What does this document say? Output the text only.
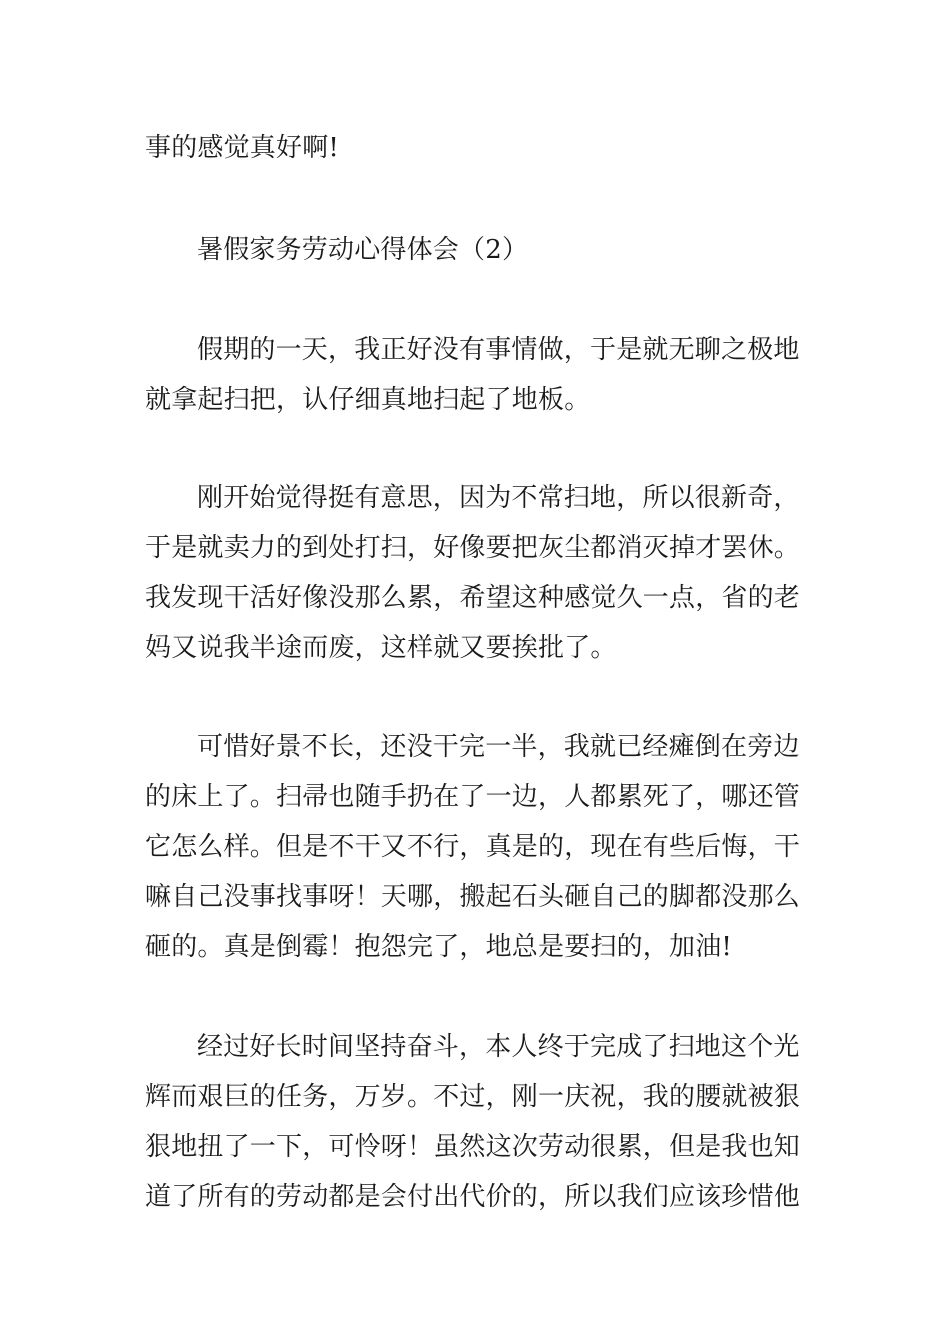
事的感觉真好啊!
暑假家务劳动心得体会（2）
假期的一天，我正好没有事情做，于是就无聊之极地
就拿起扫把，认仔细真地扫起了地板。
刚开始觉得挺有意思，因为不常扫地，所以很新奇，
于是就卖力的到处打扫，好像要把灰尘都消灭掉才罢休。
我发现干活好像没那么累，希望这种感觉久一点，省的老
妈又说我半途而废，这样就又要挨批了。
可惜好景不长，还没干完一半，我就已经瘫倒在旁边
的床上了。扫帚也随手扔在了一边，人都累死了，哪还管
它怎么样。但是不干又不行，真是的，现在有些后悔，干
嘛自己没事找事呀！天哪，搬起石头砸自己的脚都没那么
砸的。真是倒霉！抱怨完了，地总是要扫的，加油!
经过好长时间坚持奋斗，本人终于完成了扫地这个光
辉而艰巨的任务，万岁。不过，刚一庆祝，我的腰就被狠
狠地扭了一下，可怜呀！虽然这次劳动很累，但是我也知
道了所有的劳动都是会付出代价的，所以我们应该珍惜他
